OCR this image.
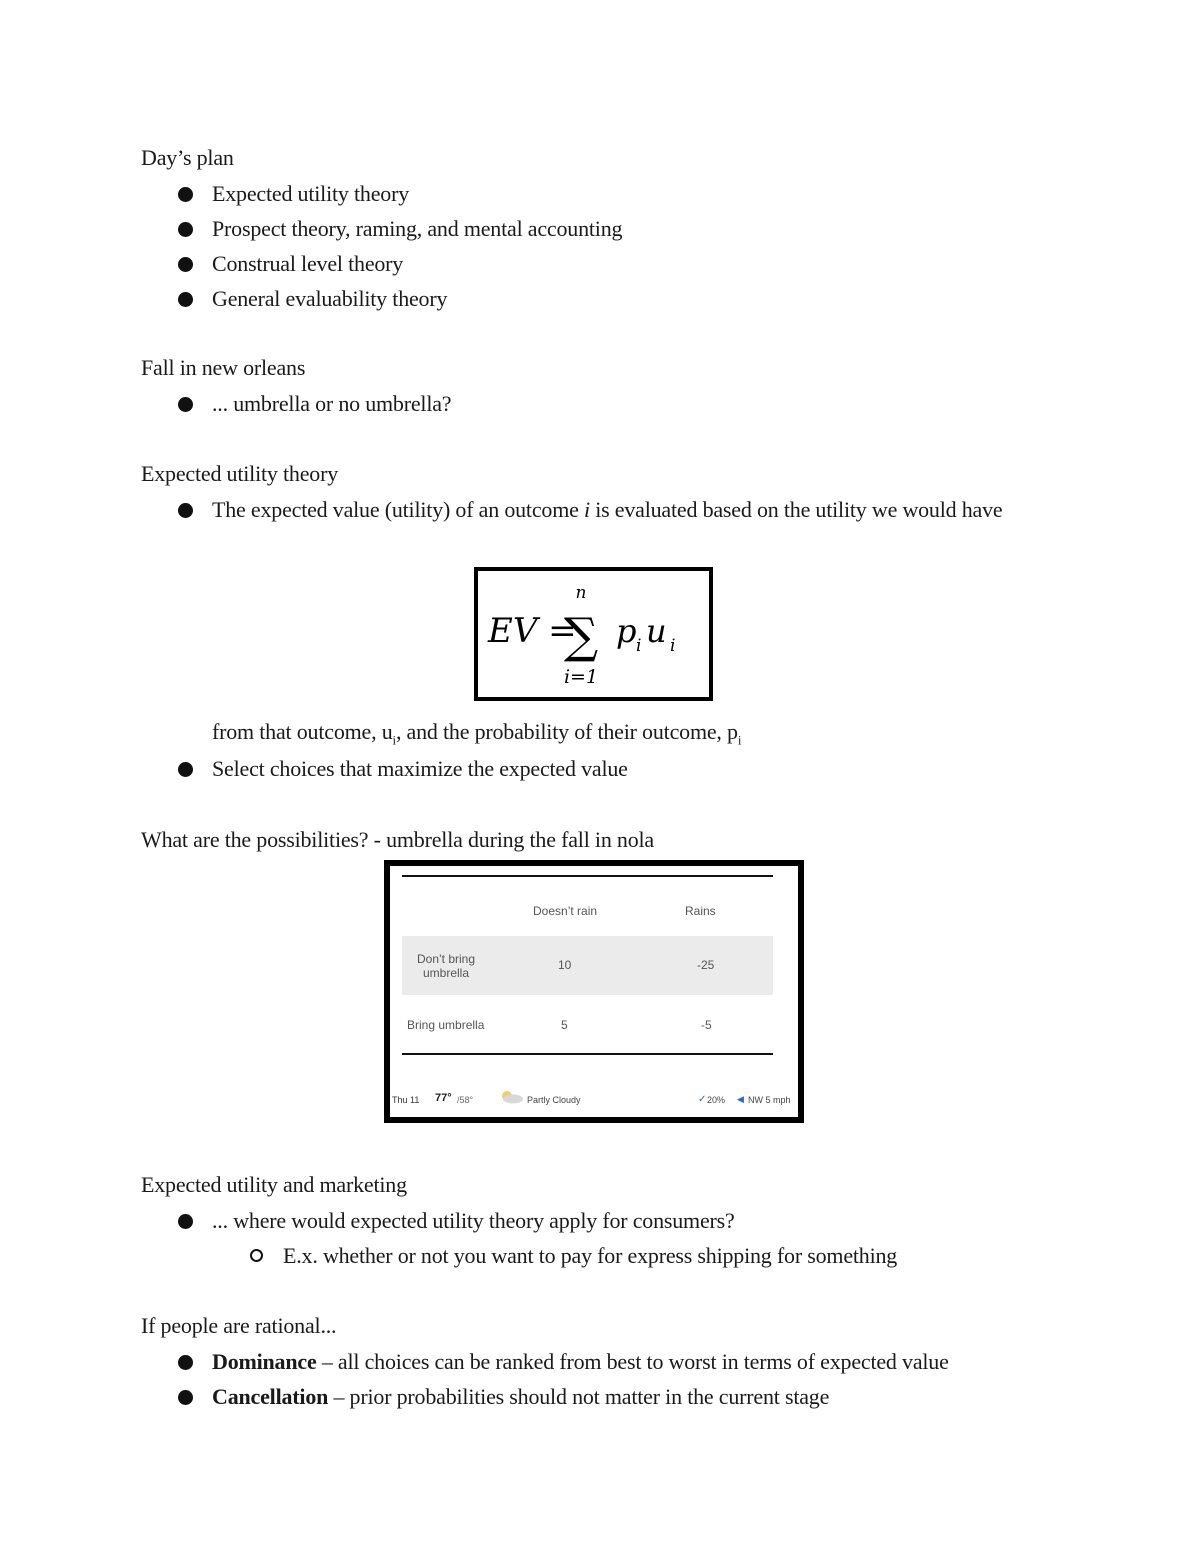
Day’s plan
Expected utility theory
Prospect theory, raming, and mental accounting
Construal level theory
General evaluability theory
Fall in new orleans
... umbrella or no umbrella?
Expected utility theory
The expected value (utility) of an outcome i is evaluated based on the utility we would have
EV =
n
∑
i=1
p i u i
from that outcome, $u_i$, and the probability of their outcome, $p_i$
Select choices that maximize the expected value
What are the possibilities? - umbrella during the fall in nola
Doesn’t rain	Rains
Don’t bring
umbrella
10	-25
Bring umbrella	5	-5
Thu 11 77° /58°	Partly Cloudy	✓ 20% ◀ NW 5 mph
Expected utility and marketing
... where would expected utility theory apply for consumers?
E.x. whether or not you want to pay for express shipping for something
If people are rational...
Dominance – all choices can be ranked from best to worst in terms of expected value
Cancellation – prior probabilities should not matter in the current stage
